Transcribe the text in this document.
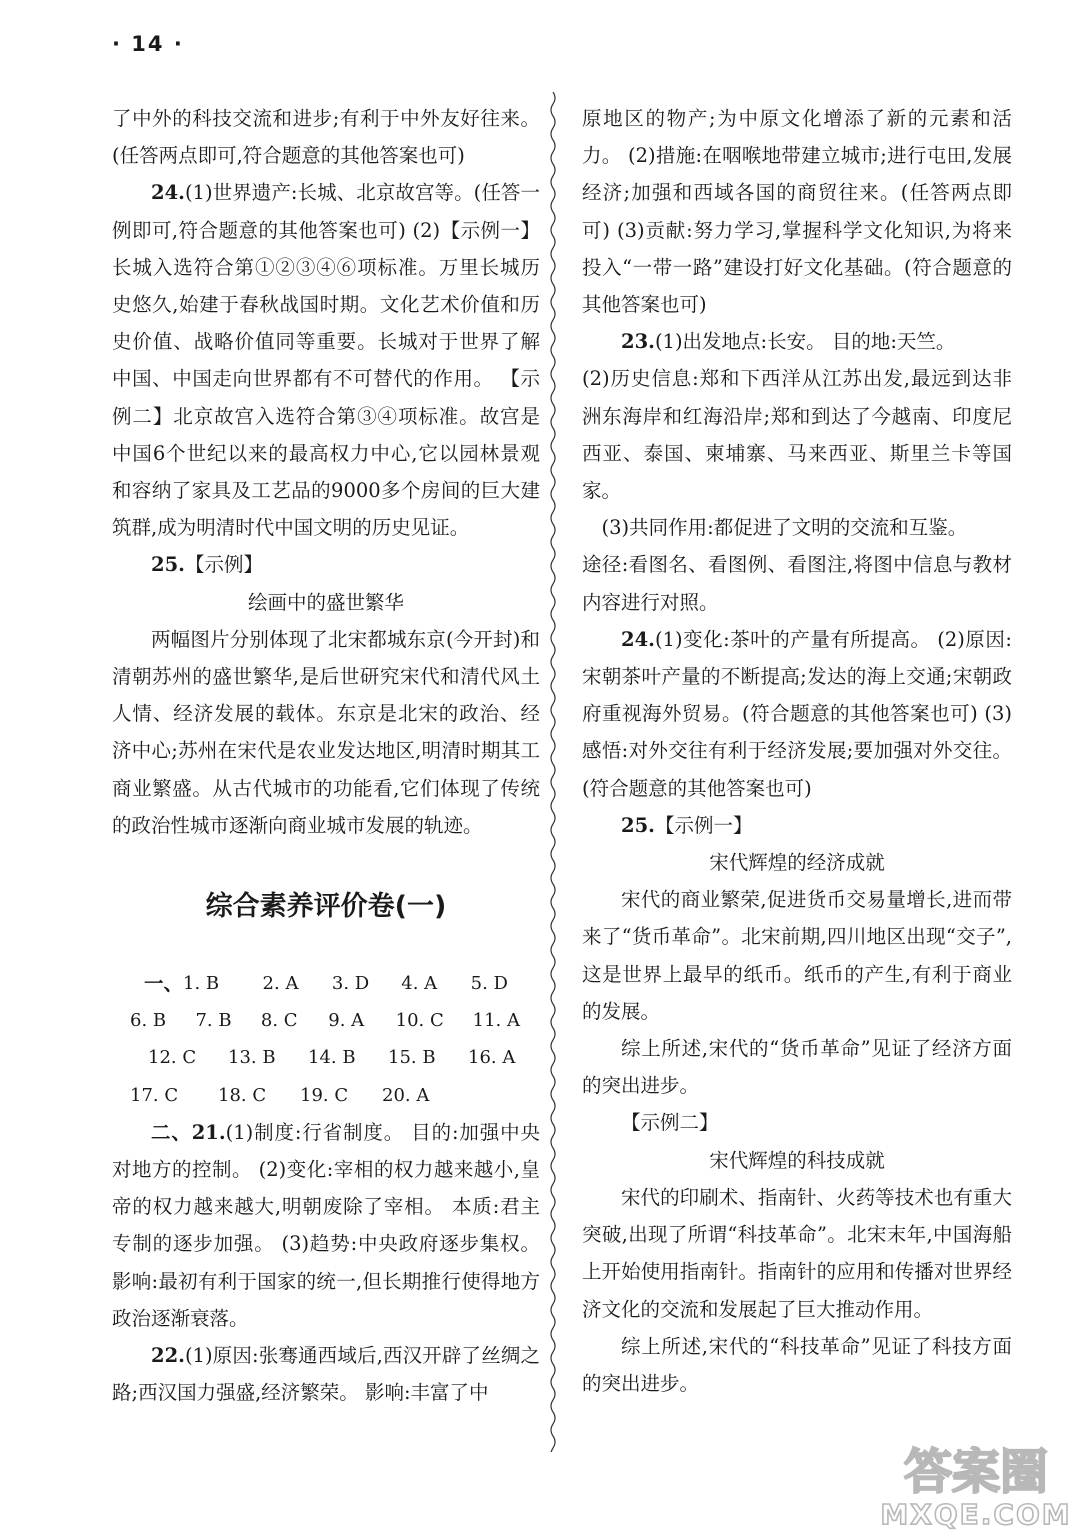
· 14 ·

了中外的科技交流和进步;有利于中外友好往来。(任答两点即可,符合题意的其他答案也可)

24.(1)世界遗产:长城、北京故宫等。(任答一例即可,符合题意的其他答案也可) (2)【示例一】长城入选符合第①②③④⑥项标准。万里长城历史悠久,始建于春秋战国时期。文化艺术价值和历史价值、战略价值同等重要。长城对于世界了解中国、中国走向世界都有不可替代的作用。 【示例二】北京故宫入选符合第③④项标准。故宫是中国6个世纪以来的最高权力中心,它以园林景观和容纳了家具及工艺品的9000多个房间的巨大建筑群,成为明清时代中国文明的历史见证。

25.【示例】

绘画中的盛世繁华

两幅图片分别体现了北宋都城东京(今开封)和清朝苏州的盛世繁华,是后世研究宋代和清代风土人情、经济发展的载体。东京是北宋的政治、经济中心;苏州在宋代是农业发达地区,明清时期其工商业繁盛。从古代城市的功能看,它们体现了传统的政治性城市逐渐向商业城市发展的轨迹。

综合素养评价卷(一)

一、 1. B	2. A	3. D	4. A	5. D
6. B	7. B	8. C	9. A	10. C	11. A
12. C	13. B	14. B	15. B	16. A
17. C	18. C	19. C	20. A

二、21.(1)制度:行省制度。 目的:加强中央对地方的控制。 (2)变化:宰相的权力越来越小,皇帝的权力越来越大,明朝废除了宰相。 本质:君主专制的逐步加强。 (3)趋势:中央政府逐步集权。 影响:最初有利于国家的统一,但长期推行使得地方政治逐渐衰落。

22.(1)原因:张骞通西域后,西汉开辟了丝绸之路;西汉国力强盛,经济繁荣。 影响:丰富了中

原地区的物产;为中原文化增添了新的元素和活力。 (2)措施:在咽喉地带建立城市;进行屯田,发展经济;加强和西域各国的商贸往来。(任答两点即可) (3)贡献:努力学习,掌握科学文化知识,为将来投入“一带一路”建设打好文化基础。(符合题意的其他答案也可)

23.(1)出发地点:长安。 目的地:天竺。

(2)历史信息:郑和下西洋从江苏出发,最远到达非洲东海岸和红海沿岸;郑和到达了今越南、印度尼西亚、泰国、柬埔寨、马来西亚、斯里兰卡等国家。

(3)共同作用:都促进了文明的交流和互鉴。

途径:看图名、看图例、看图注,将图中信息与教材内容进行对照。

24.(1)变化:茶叶的产量有所提高。 (2)原因:宋朝茶叶产量的不断提高;发达的海上交通;宋朝政府重视海外贸易。(符合题意的其他答案也可) (3)感悟:对外交往有利于经济发展;要加强对外交往。(符合题意的其他答案也可)

25.【示例一】

宋代辉煌的经济成就

宋代的商业繁荣,促进货币交易量增长,进而带来了“货币革命”。北宋前期,四川地区出现“交子”,这是世界上最早的纸币。纸币的产生,有利于商业的发展。

综上所述,宋代的“货币革命”见证了经济方面的突出进步。

【示例二】

宋代辉煌的科技成就

宋代的印刷术、指南针、火药等技术也有重大突破,出现了所谓“科技革命”。北宋末年,中国海船上开始使用指南针。指南针的应用和传播对世界经济文化的交流和发展起了巨大推动作用。

综上所述,宋代的“科技革命”见证了科技方面的突出进步。

答案圈
MXQE.COM
